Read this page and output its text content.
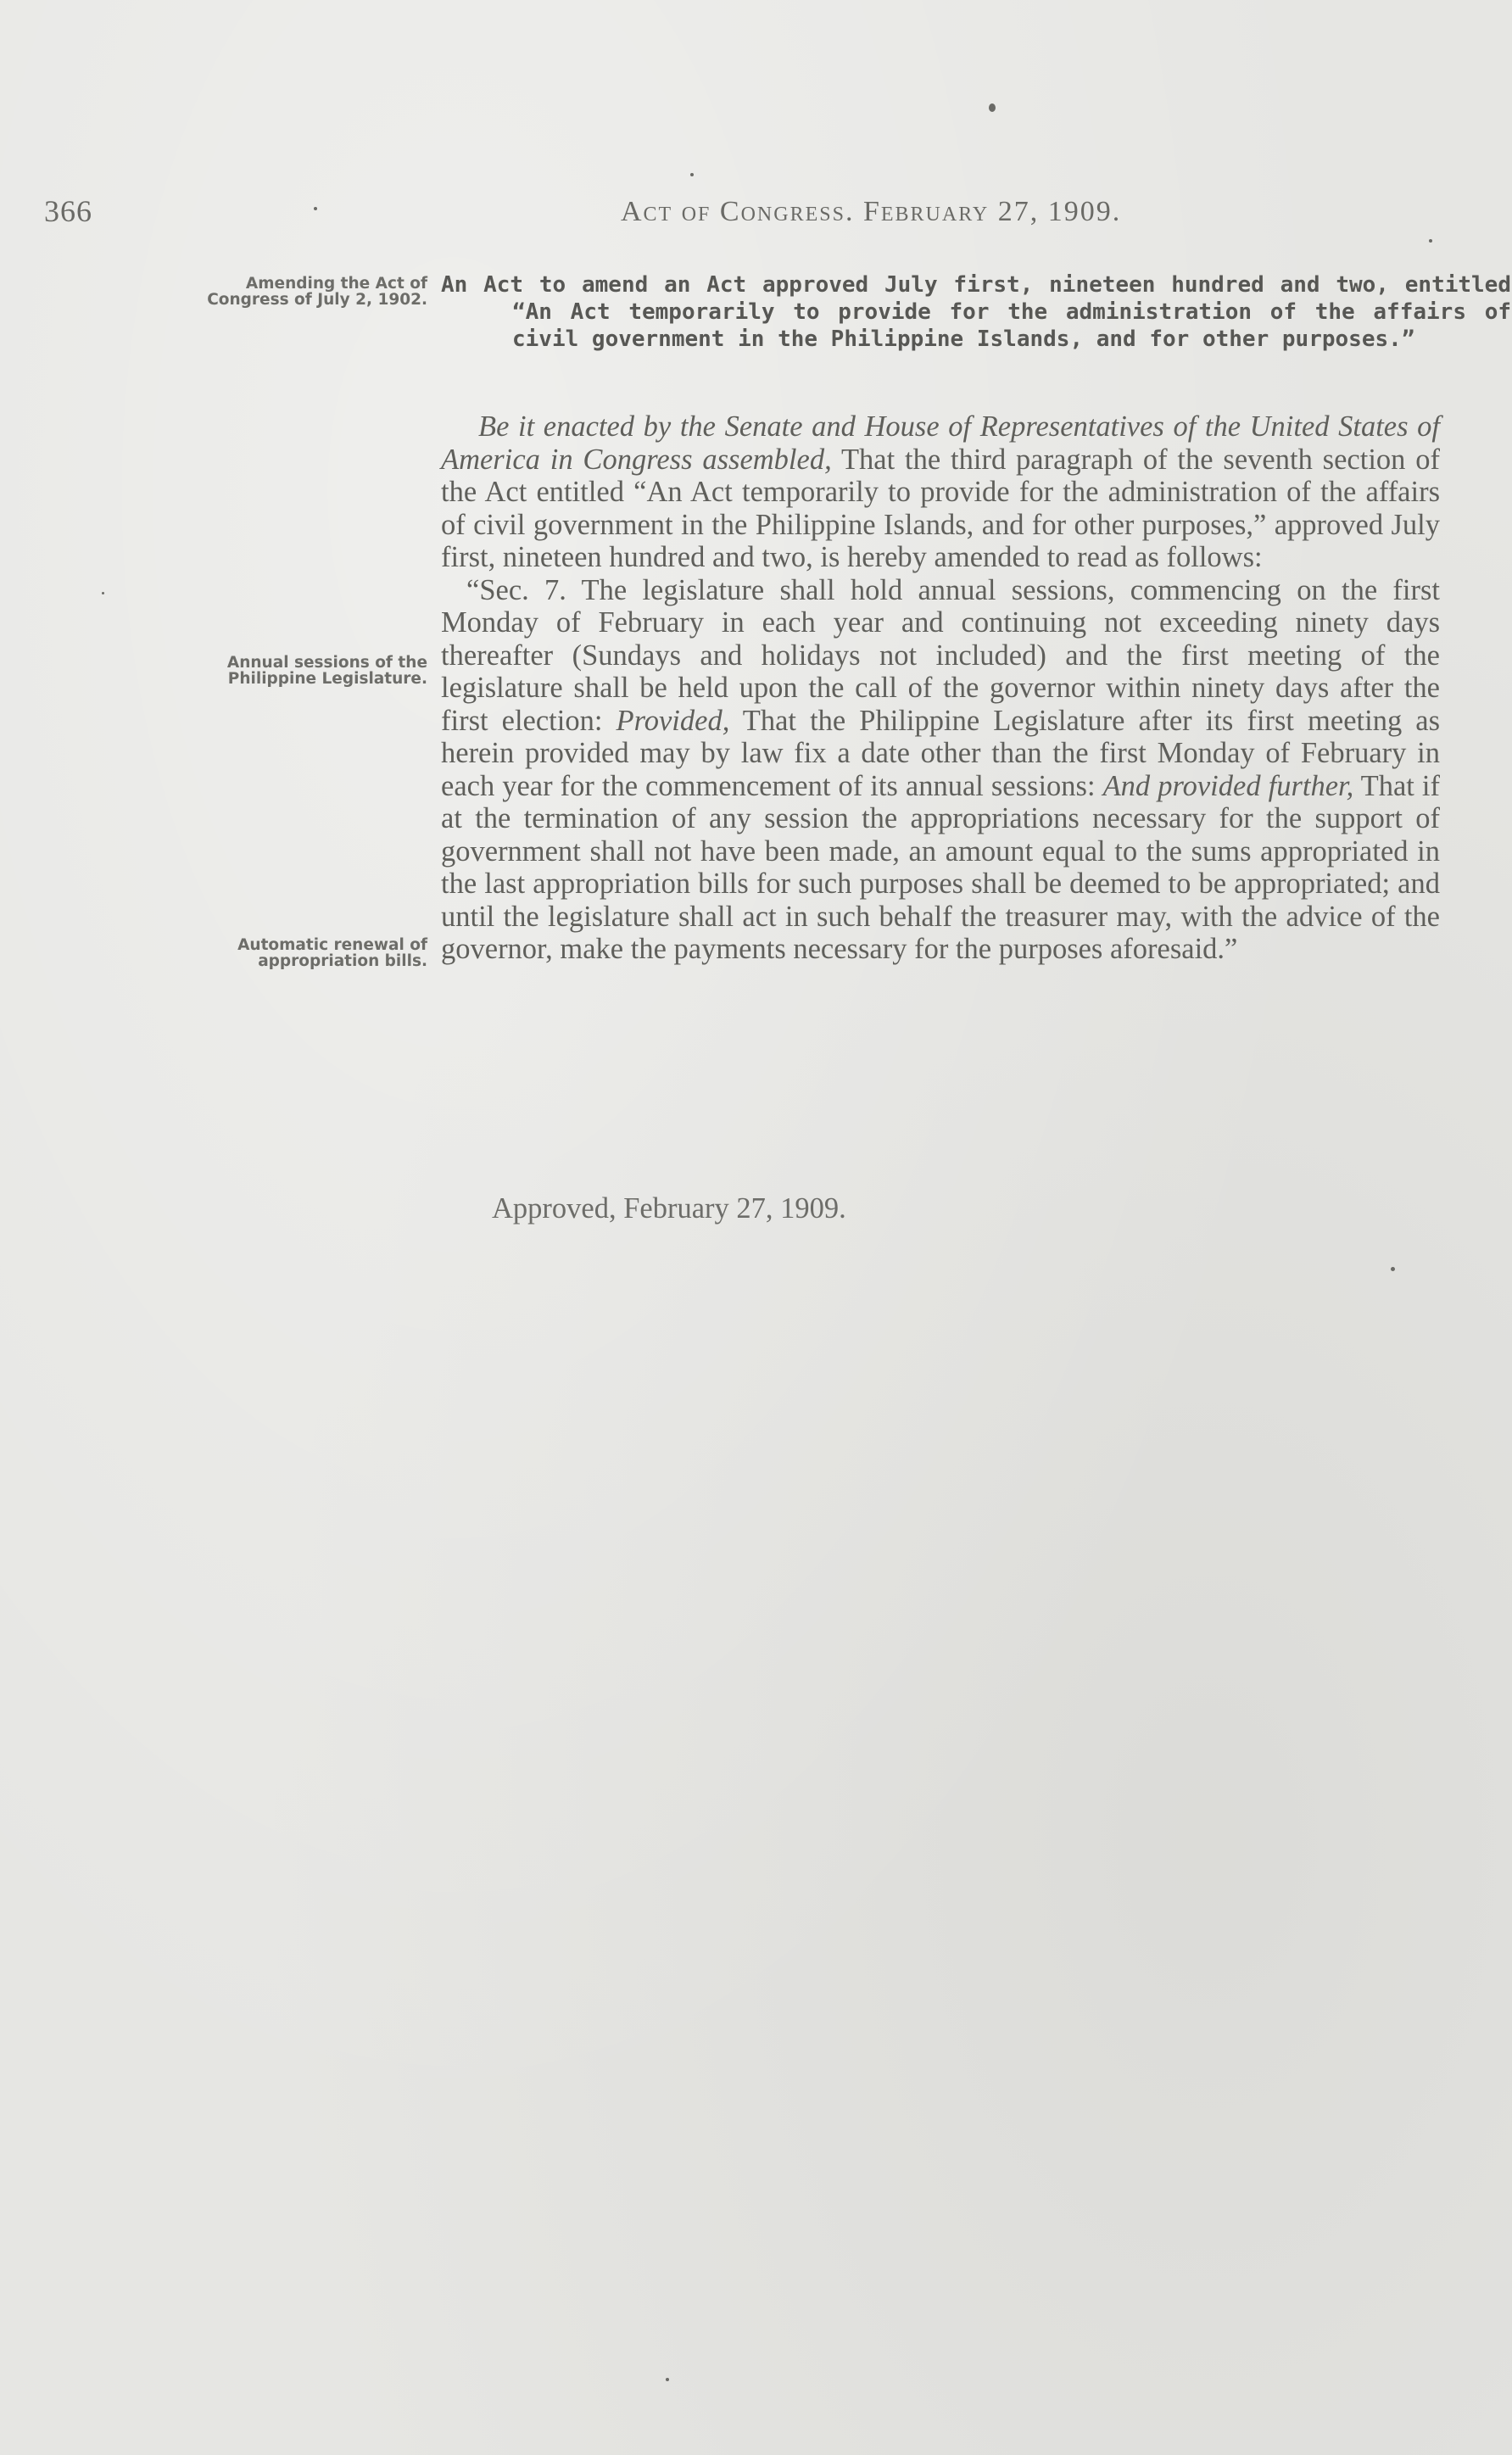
366	Act of Congress. February 27, 1909.
Amending the Act of Congress of July 2, 1902.
Annual sessions of the Philippine Legislature.
Automatic renewal of appropriation bills.
An Act to amend an Act approved July first, nineteen hundred and two, entitled “An Act temporarily to provide for the administration of the affairs of civil government in the Philippine Islands, and for other purposes.”

Be it enacted by the Senate and House of Representatives of the United States of America in Congress assembled, That the third paragraph of the seventh section of the Act entitled “An Act temporarily to provide for the administration of the affairs of civil government in the Philippine Islands, and for other purposes,” approved July first, nineteen hundred and two, is hereby amended to read as follows:

“Sec. 7. The legislature shall hold annual sessions, commencing on the first Monday of February in each year and continuing not exceeding ninety days thereafter (Sundays and holidays not included) and the first meeting of the legislature shall be held upon the call of the governor within ninety days after the first election: Provided, That the Philippine Legislature after its first meeting as herein provided may by law fix a date other than the first Monday of February in each year for the commencement of its annual sessions: And provided further, That if at the termination of any session the appropriations necessary for the support of government shall not have been made, an amount equal to the sums appropriated in the last appropriation bills for such purposes shall be deemed to be appropriated; and until the legislature shall act in such behalf the treasurer may, with the advice of the governor, make the payments necessary for the purposes aforesaid.”

Approved, February 27, 1909.
